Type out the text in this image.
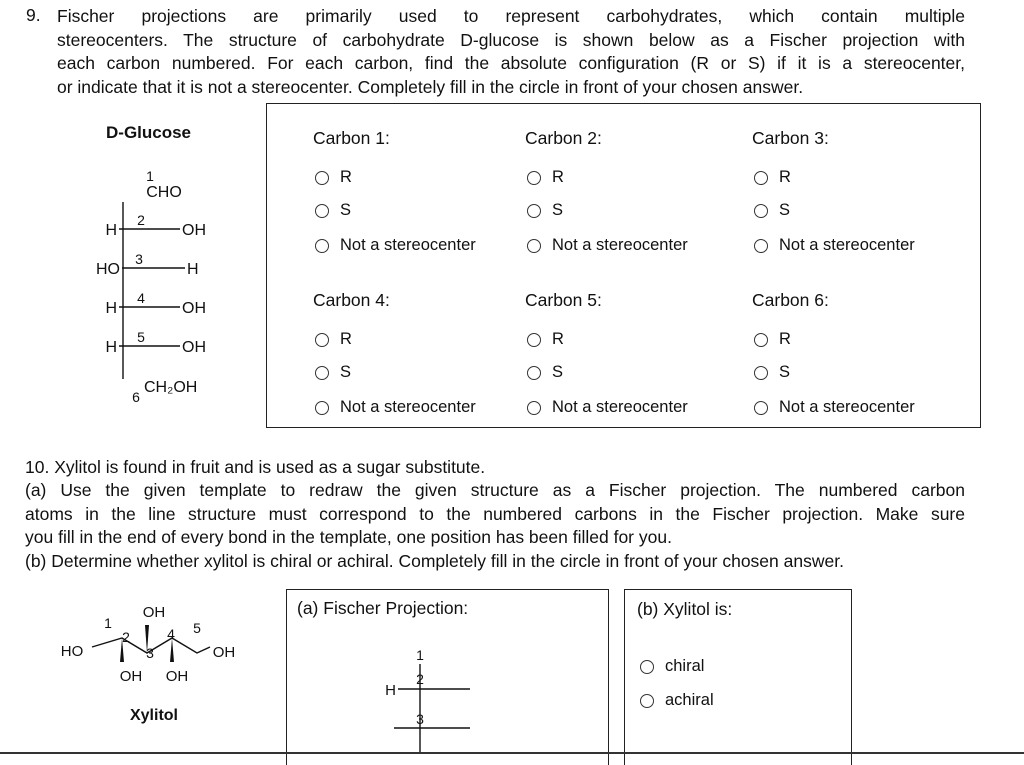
9. Fischer projections are primarily used to represent carbohydrates, which contain multiple

stereocenters. The structure of carbohydrate D-glucose is shown below as a Fischer projection with

each carbon numbered. For each carbon, find the absolute configuration (R or S) if it is a stereocenter,

or indicate that it is not a stereocenter. Completely fill in the circle in front of your chosen answer.

D-Glucose
1
CHO
2
H	OH
3
HO	H
4
H	OH
5
H	OH
6
CH₂OH
Carbon 1:
R
S
Not a stereocenter
Carbon 2:
R
S
Not a stereocenter
Carbon 3:
R
S
Not a stereocenter
Carbon 4:
R
S
Not a stereocenter
Carbon 5:
R
S
Not a stereocenter
Carbon 6:
R
S
Not a stereocenter
10. Xylitol is found in fruit and is used as a sugar substitute.

(a) Use the given template to redraw the given structure as a Fischer projection. The numbered carbon

atoms in the line structure must correspond to the numbered carbons in the Fischer projection. Make sure

you fill in the end of every bond in the template, one position has been filled for you.

(b) Determine whether xylitol is chiral or achiral. Completely fill in the circle in front of your chosen answer.

1
2
3
4 5
OH
HO
OH OH
OH
Xylitol
(a) Fischer Projection:
1
2
3
H
(b) Xylitol is:
chiral
achiral
